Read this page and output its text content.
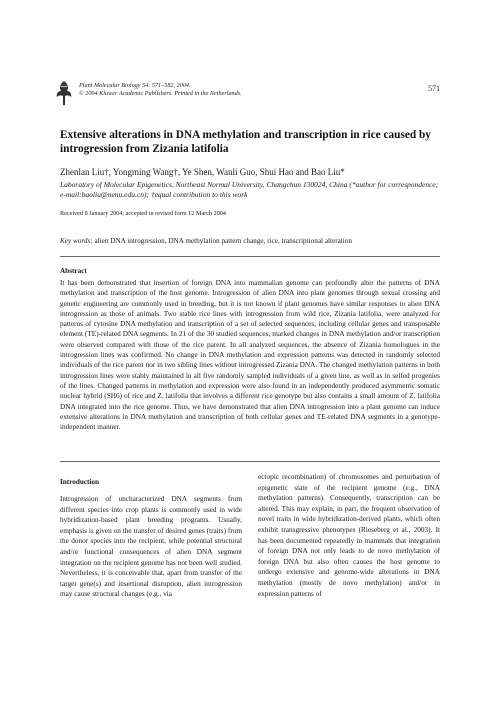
Plant Molecular Biology 54: 571–582, 2004.
© 2004 Kluwer Academic Publishers. Printed in the Netherlands.
571
Extensive alterations in DNA methylation and transcription in rice caused by introgression from Zizania latifolia
Zhenlan Liu†, Yongming Wang†, Ye Shen, Wanli Guo, Shui Hao and Bao Liu*
Laboratory of Molecular Epigenetics, Northeast Normal University, Changchun 130024, China (*author for correspondence; e-mail:baoliu@nenu.edu.cn); †equal contribution to this work
Received 8 January 2004; accepted in revised form 12 March 2004
Key words: alien DNA introgression, DNA methylation pattern change, rice, transcriptional alteration
Abstract
It has been demonstrated that insertion of foreign DNA into mammalian genome can profoundly alter the patterns of DNA methylation and transcription of the host genome. Introgression of alien DNA into plant genomes through sexual crossing and genetic engineering are commonly used in breeding, but it is not known if plant genomes have similar responses to alien DNA introgression as those of animals. Two stable rice lines with introgression from wild rice, Zizania latifolia, were analyzed for patterns of cytosine DNA methylation and transcription of a set of selected sequences, including cellular genes and transposable element (TE)-related DNA segments. In 21 of the 30 studied sequences, marked changes in DNA methylation and/or transcription were observed compared with those of the rice parent. In all analyzed sequences, the absence of Zizania homologues in the introgression lines was confirmed. No change in DNA methylation and expression patterns was detected in randomly selected individuals of the rice parent nor in two sibling lines without introgressed Zizania DNA. The changed methylation patterns in both introgression lines were stably maintained in all five randomly sampled individuals of a given line, as well as in selfed progenies of the lines. Changed patterns in methylation and expression were also found in an independently produced asymmetric somatic nuclear hybrid (SH6) of rice and Z. latifolia that involves a different rice genotype but also contains a small amount of Z. latifolia DNA integrated into the rice genome. Thus, we have demonstrated that alien DNA introgression into a plant genome can induce extensive alterations in DNA methylation and transcription of both cellular genes and TE-related DNA segments in a genotype-independent manner.
Introduction
Introgression of uncharacterized DNA segments from different species into crop plants is commonly used in wide hybridization-based plant breeding programs. Usually, emphasis is given on the transfer of desired genes (traits) from the donor species into the recipient, while potential structural and/or functional consequences of alien DNA segment integration on the recipient genome has not been well studied. Nevertheless, it is conceivable that, apart from transfer of the target gene(s) and insertional disruption, alien introgression may cause structural changes (e.g., via
ectopic recombination) of chromosomes and perturbation of epigenetic state of the recipient genome (e.g., DNA methylation patterns). Consequently, transcription can be altered. This may explain, in part, the frequent observation of novel traits in wide hybridization-derived plants, which often exhibit transgressive phenotypes (Rieseberg et al., 2003). It has been documented repeatedly in mammals that integration of foreign DNA not only leads to de novo methylation of foreign DNA but also often causes the host genome to undergo extensive and genome-wide alterations in DNA methylation (mostly de novo methylation) and/or in expression patterns of
